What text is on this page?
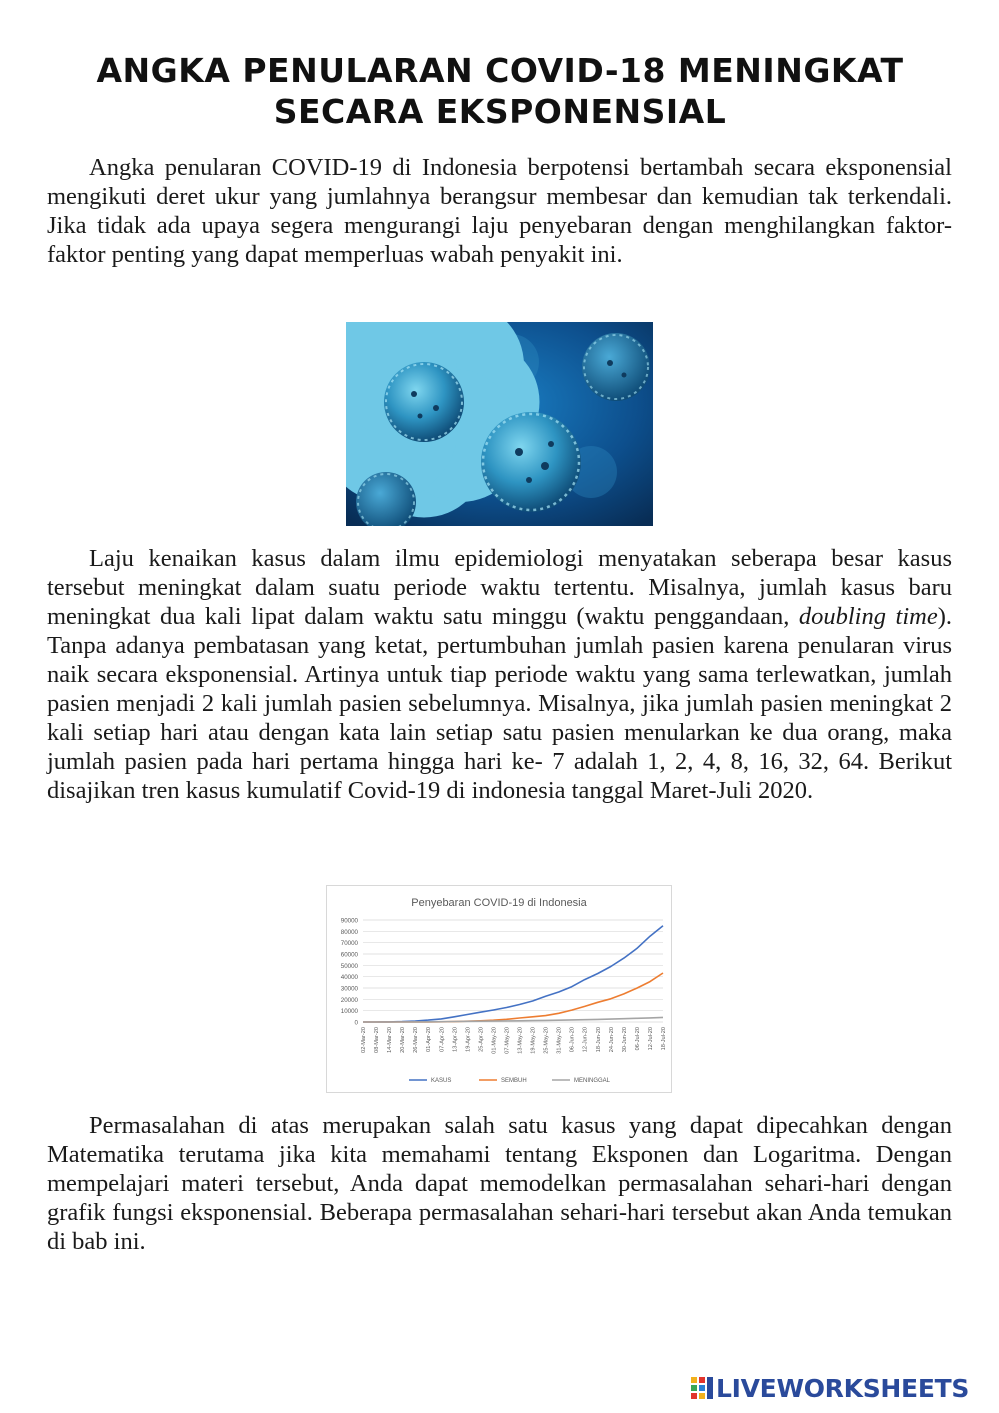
ANGKA PENULARAN COVID-18 MENINGKAT SECARA EKSPONENSIAL

Angka penularan COVID-19 di Indonesia berpotensi bertambah secara eksponensial mengikuti deret ukur yang jumlahnya berangsur membesar dan kemudian tak terkendali. Jika tidak ada upaya segera mengurangi laju penyebaran dengan menghilangkan faktor-faktor penting yang dapat memperluas wabah penyakit ini.

Laju kenaikan kasus dalam ilmu epidemiologi menyatakan seberapa besar kasus tersebut meningkat dalam suatu periode waktu tertentu. Misalnya, jumlah kasus baru meningkat dua kali lipat dalam waktu satu minggu (waktu penggandaan, doubling time). Tanpa adanya pembatasan yang ketat, pertumbuhan jumlah pasien karena penularan virus naik secara eksponensial. Artinya untuk tiap periode waktu yang sama terlewatkan, jumlah pasien menjadi 2 kali jumlah pasien sebelumnya. Misalnya, jika jumlah pasien meningkat 2 kali setiap hari atau dengan kata lain setiap satu pasien menularkan ke dua orang, maka jumlah pasien pada hari pertama hingga hari ke- 7 adalah 1, 2, 4, 8, 16, 32, 64. Berikut disajikan tren kasus kumulatif Covid-19 di indonesia tanggal Maret-Juli 2020.

Penyebaran COVID-19 di Indonesia
0
10000
20000
30000
40000
50000
60000
70000
80000
90000
02-Mar-20 08-Mar-20 14-Mar-20 20-Mar-20 26-Mar-20 01-Apr-20 07-Apr-20 13-Apr-20 19-Apr-20 25-Apr-20 01-May-20 07-May-20 13-May-20 19-May-20 25-May-20 31-May-20 06-Jun-20 12-Jun-20 18-Jun-20 24-Jun-20 30-Jun-20 06-Jul-20 12-Jul-20 18-Jul-20
KASUS	SEMBUH	MENINGGAL

Permasalahan di atas merupakan salah satu kasus yang dapat dipecahkan dengan Matematika terutama jika kita memahami tentang Eksponen dan Logaritma. Dengan mempelajari materi tersebut, Anda dapat memodelkan permasalahan sehari-hari dengan grafik fungsi eksponensial. Beberapa permasalahan sehari-hari tersebut akan Anda temukan di bab ini.

LIVEWORKSHEETS
